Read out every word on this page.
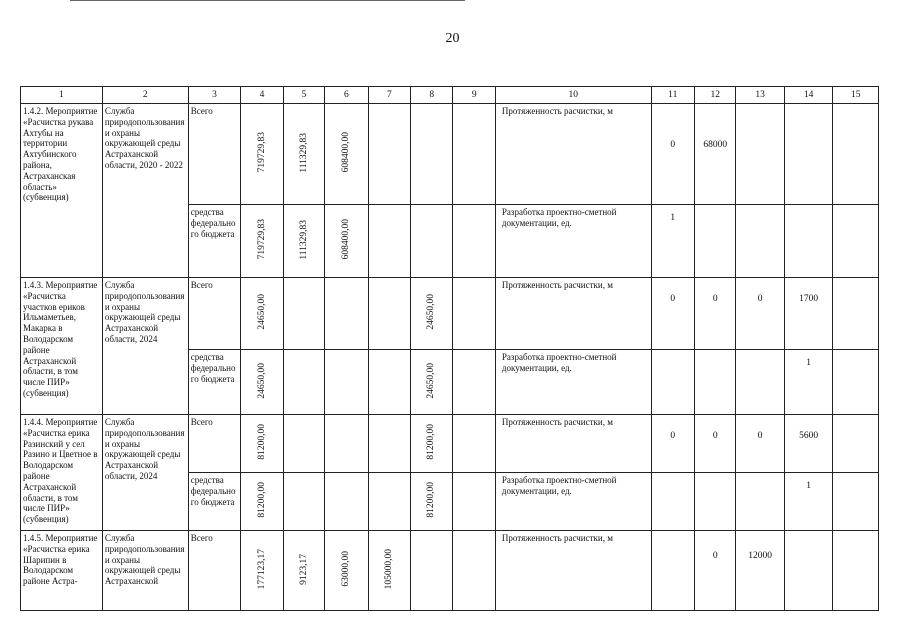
20
1	2	3	4	5	6	7	8	9	10	11	12	13	14	15
1.4.2. Мероприятие «Расчистка рукава Ахтубы на территории Ахтубинского района, Астраханская область» (субвенция)	Служба природопользования и охраны окружающей среды Астраханской области, 2020 - 2022	Всего	719729,83	111329,83	608400,00				Протяженность расчистки, м	0	68000			
		средства федерального бюджета	719729,83	111329,83	608400,00				Разработка проектно-сметной документации, ед.	1				
1.4.3. Мероприятие «Расчистка участков ериков Ильмаметьев, Макарка в Володарском районе Астраханской области, в том числе ПИР» (субвенция)	Служба природопользования и охраны окружающей среды Астраханской области, 2024	Всего	24650,00				24650,00		Протяженность расчистки, м	0	0	0	1700	
		средства федерального бюджета	24650,00				24650,00		Разработка проектно-сметной документации, ед.				1	
1.4.4. Мероприятие «Расчистка ерика Разинский у сел Разино и Цветное в Володарском районе Астраханской области, в том числе ПИР» (субвенция)	Служба природопользования и охраны окружающей среды Астраханской области, 2024	Всего	81200,00				81200,00		Протяженность расчистки, м	0	0	0	5600	
		средства федерального бюджета	81200,00				81200,00		Разработка проектно-сметной документации, ед.				1	
1.4.5. Мероприятие «Расчистка ерика Шарипин в Володарском районе Астра-	Служба природопользования и охраны окружающей среды Астраханской	Всего	177123,17	9123,17	63000,00	105000,00			Протяженность расчистки, м		0	12000		
